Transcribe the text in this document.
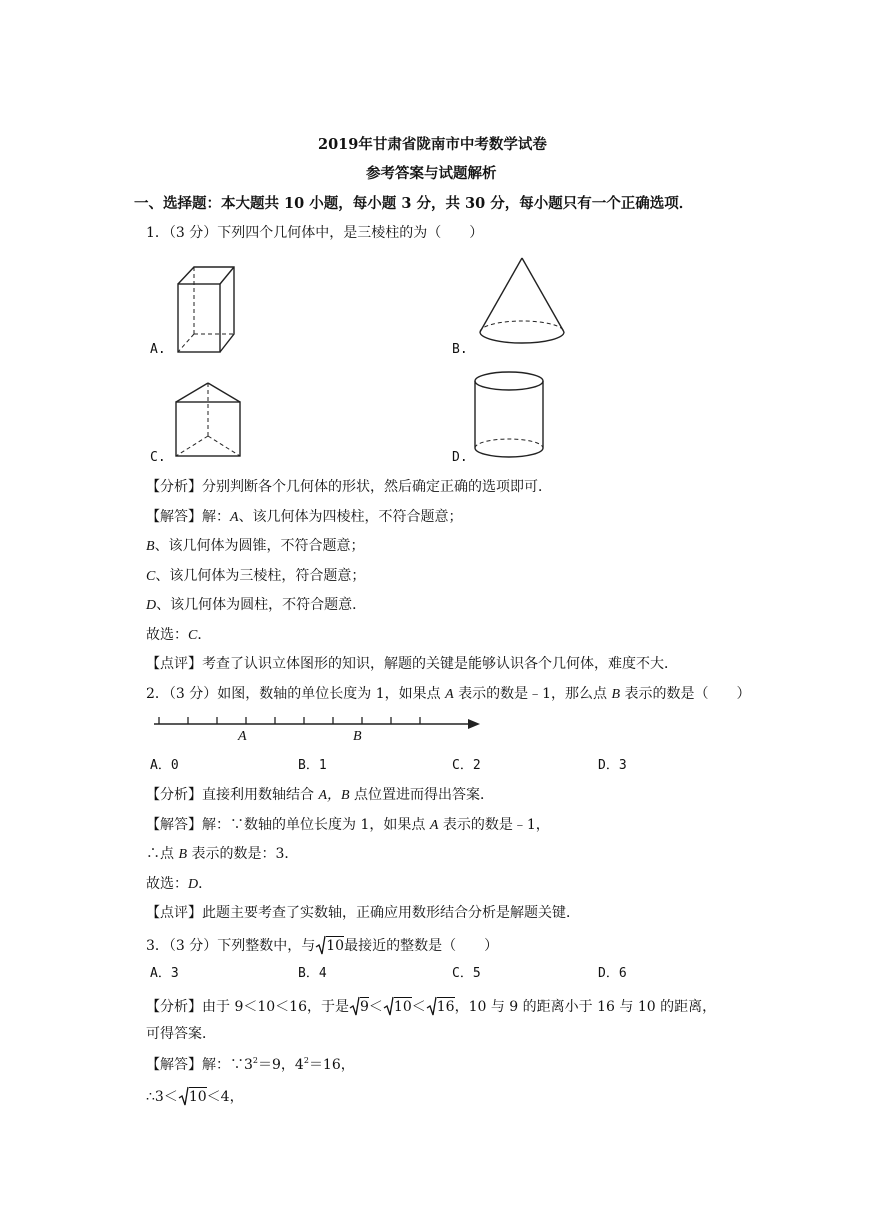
2019年甘肃省陇南市中考数学试卷
参考答案与试题解析
一、选择题：本大题共 10 小题，每小题 3 分，共 30 分，每小题只有一个正确选项．
1．（3 分）下列四个几何体中，是三棱柱的为（　　）
A.	B.
C.	D.
【分析】分别判断各个几何体的形状，然后确定正确的选项即可．
【解答】解：A、该几何体为四棱柱，不符合题意；
B、该几何体为圆锥，不符合题意；
C、该几何体为三棱柱，符合题意；
D、该几何体为圆柱，不符合题意．
故选：C．
【点评】考查了认识立体图形的知识，解题的关键是能够认识各个几何体，难度不大．
2．（3 分）如图，数轴的单位长度为 1，如果点 A 表示的数是﹣1，那么点 B 表示的数是（　　）
A	B
A．0	B．1	C．2	D．3
【分析】直接利用数轴结合 A，B 点位置进而得出答案．
【解答】解：∵数轴的单位长度为 1，如果点 A 表示的数是﹣1，
∴点 B 表示的数是：3．
故选：D．
【点评】此题主要考查了实数轴，正确应用数形结合分析是解题关键．
3．（3 分）下列整数中，与 10最接近的整数是（　　）
A．3	B．4	C．5	D．6
【分析】由于 9＜10＜16，于是 9＜ 10＜ 16，10 与 9 的距离小于 16 与 10 的距离，
可得答案．
【解答】解：$\because 3^2=9$，$4^2=16$，
∴3＜ 10＜4，
